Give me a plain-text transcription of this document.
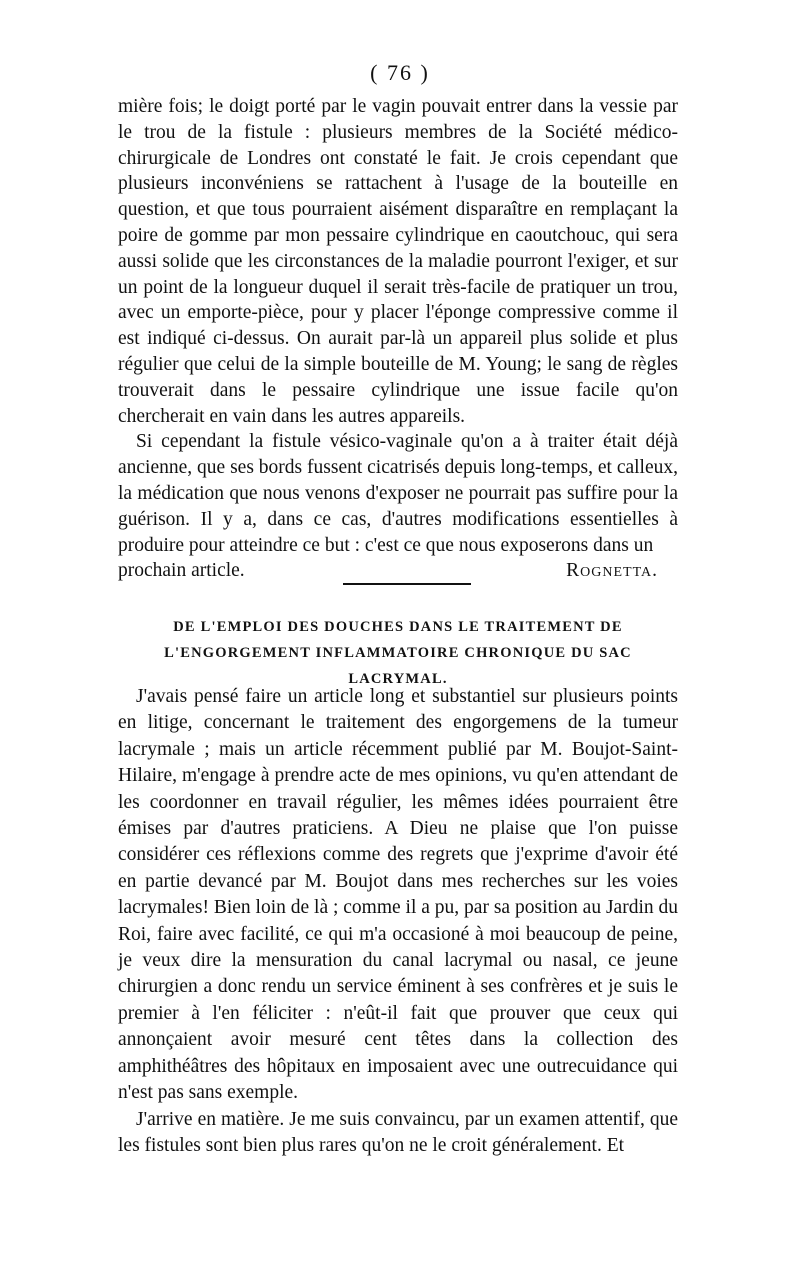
( 76 )

mière fois; le doigt porté par le vagin pouvait entrer dans la vessie par le trou de la fistule : plusieurs membres de la Société médico-chirurgicale de Londres ont constaté le fait. Je crois cependant que plusieurs inconvéniens se rattachent à l'usage de la bouteille en question, et que tous pourraient aisément disparaître en remplaçant la poire de gomme par mon pessaire cylindrique en caoutchouc, qui sera aussi solide que les circonstances de la maladie pourront l'exiger, et sur un point de la longueur duquel il serait très-facile de pratiquer un trou, avec un emporte-pièce, pour y placer l'éponge compressive comme il est indiqué ci-dessus. On aurait par-là un appareil plus solide et plus régulier que celui de la simple bouteille de M. Young; le sang de règles trouverait dans le pessaire cylindrique une issue facile qu'on chercherait en vain dans les autres appareils.

Si cependant la fistule vésico-vaginale qu'on a à traiter était déjà ancienne, que ses bords fussent cicatrisés depuis long-temps, et calleux, la médication que nous venons d'exposer ne pourrait pas suffire pour la guérison. Il y a, dans ce cas, d'autres modifications essentielles à produire pour atteindre ce but : c'est ce que nous exposerons dans un

prochain article.	Rognetta.
DE L'EMPLOI DES DOUCHES DANS LE TRAITEMENT DE L'ENGORGEMENT INFLAMMATOIRE CHRONIQUE DU SAC LACRYMAL.

J'avais pensé faire un article long et substantiel sur plusieurs points en litige, concernant le traitement des engorgemens de la tumeur lacrymale ; mais un article récemment publié par M. Boujot-Saint-Hilaire, m'engage à prendre acte de mes opinions, vu qu'en attendant de les coordonner en travail régulier, les mêmes idées pourraient être émises par d'autres praticiens. A Dieu ne plaise que l'on puisse considérer ces réflexions comme des regrets que j'exprime d'avoir été en partie devancé par M. Boujot dans mes recherches sur les voies lacrymales! Bien loin de là ; comme il a pu, par sa position au Jardin du Roi, faire avec facilité, ce qui m'a occasioné à moi beaucoup de peine, je veux dire la mensuration du canal lacrymal ou nasal, ce jeune chirurgien a donc rendu un service éminent à ses confrères et je suis le premier à l'en féliciter : n'eût-il fait que prouver que ceux qui annonçaient avoir mesuré cent têtes dans la collection des amphithéâtres des hôpitaux en imposaient avec une outrecuidance qui n'est pas sans exemple.

J'arrive en matière. Je me suis convaincu, par un examen attentif, que les fistules sont bien plus rares qu'on ne le croit généralement. Et
